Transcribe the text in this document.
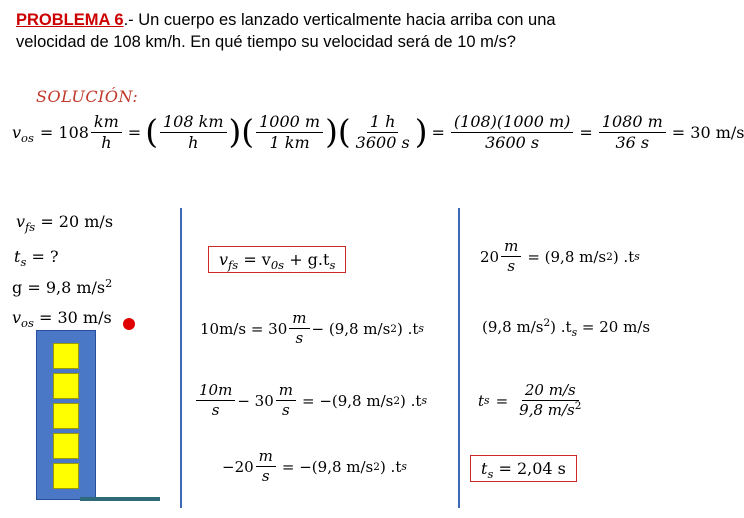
PROBLEMA 6.- Un cuerpo es lanzado verticalmente hacia arriba con una
velocidad de 108 km/h. En qué tiempo su velocidad será de 10 m/s?
SOLUCIÓN:
$v_{os} = 108 \frac{km}{h}$ = ( $\frac{108 km}{h}$ ) ( $\frac{1000 m}{1 km}$ ) ( $\frac{1 h}{3600 s}$ ) = $\frac{(108)(1000 m)}{3600 s} = \frac{1080 m}{36 s} = 30$ m/s
$v_{fs} = 20$ m/s
$t_s$ = ?
g = 9,8 $m/s^2$
$v_{os} = 30$ m/s
$v_{fs} = v_{0s} + g.t_s$
$10m/s = 30 \frac{m}{s} - (9,8$ m/s 2 ) .t s
$\frac{10m}{s} - 30 \frac{m}{s} = -(9,8$ m/s 2 ) .t s
$-20 \frac{m}{s} = -(9,8$ m/s 2 ) .t s
$20 \frac{m}{s} = (9,8$ m/s 2 ) .t s
(9,8 $m/s^2$) $.t_s = 20$ m/s
t $s = \frac{20 m/s}{9,8 m/s^2}$
$t_s = 2,04$ s
